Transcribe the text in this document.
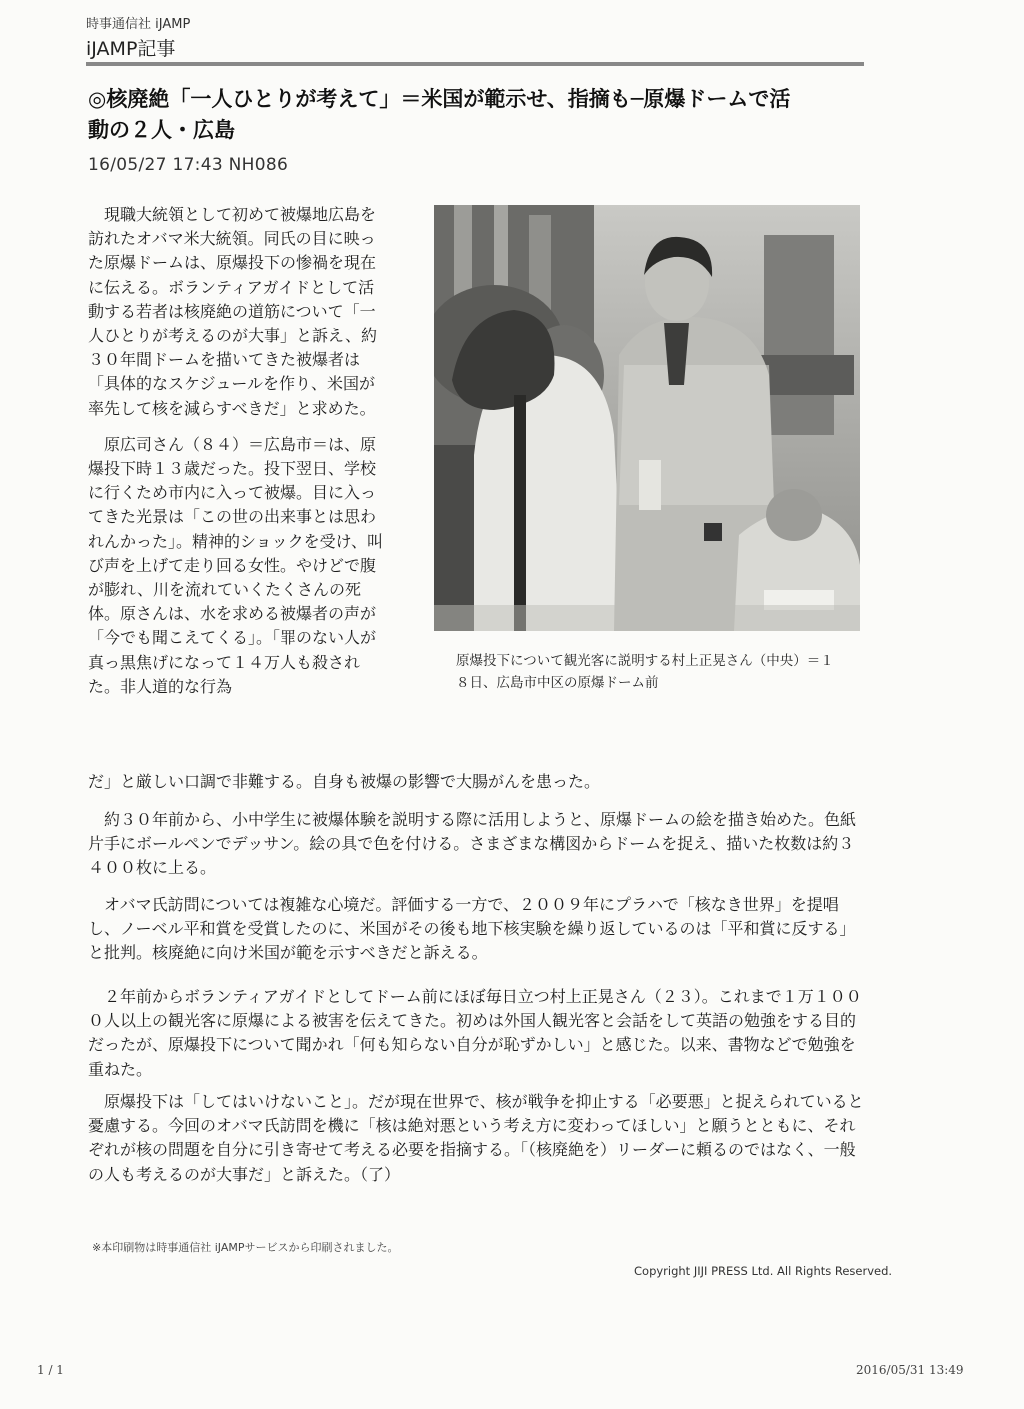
時事通信社 iJAMP
iJAMP記事
◎核廃絶「一人ひとりが考えて」＝米国が範示せ、指摘も─原爆ドームで活
動の２人・広島
16/05/27 17:43 NH086

現職大統領として初めて被爆地広島を訪れたオバマ米大統領。同氏の目に映った原爆ドームは、原爆投下の惨禍を現在に伝える。ボランティアガイドとして活動する若者は核廃絶の道筋について「一人ひとりが考えるのが大事」と訴え、約３０年間ドームを描いてきた被爆者は「具体的なスケジュールを作り、米国が率先して核を減らすべきだ」と求めた。

原広司さん（８４）＝広島市＝は、原爆投下時１３歳だった。投下翌日、学校に行くため市内に入って被爆。目に入ってきた光景は「この世の出来事とは思われんかった」。精神的ショックを受け、叫び声を上げて走り回る女性。やけどで腹が膨れ、川を流れていくたくさんの死体。原さんは、水を求める被爆者の声が「今でも聞こえてくる」。「罪のない人が真っ黒焦げになって１４万人も殺された。非人道的な行為

原爆投下について観光客に説明する村上正晃さん（中央）＝１８日、広島市中区の原爆ドーム前

だ」と厳しい口調で非難する。自身も被爆の影響で大腸がんを患った。

約３０年前から、小中学生に被爆体験を説明する際に活用しようと、原爆ドームの絵を描き始めた。色紙片手にボールペンでデッサン。絵の具で色を付ける。さまざまな構図からドームを捉え、描いた枚数は約３４００枚に上る。

オバマ氏訪問については複雑な心境だ。評価する一方で、２００９年にプラハで「核なき世界」を提唱し、ノーベル平和賞を受賞したのに、米国がその後も地下核実験を繰り返しているのは「平和賞に反する」と批判。核廃絶に向け米国が範を示すべきだと訴える。

２年前からボランティアガイドとしてドーム前にほぼ毎日立つ村上正晃さん（２３）。これまで１万１０００人以上の観光客に原爆による被害を伝えてきた。初めは外国人観光客と会話をして英語の勉強をする目的だったが、原爆投下について聞かれ「何も知らない自分が恥ずかしい」と感じた。以来、書物などで勉強を重ねた。

原爆投下は「してはいけないこと」。だが現在世界で、核が戦争を抑止する「必要悪」と捉えられていると憂慮する。今回のオバマ氏訪問を機に「核は絶対悪という考え方に変わってほしい」と願うとともに、それぞれが核の問題を自分に引き寄せて考える必要を指摘する。「（核廃絶を）リーダーに頼るのではなく、一般の人も考えるのが大事だ」と訴えた。（了）

※本印刷物は時事通信社 iJAMPサービスから印刷されました。
Copyright JIJI PRESS Ltd. All Rights Reserved.
1 / 1	2016/05/31 13:49
